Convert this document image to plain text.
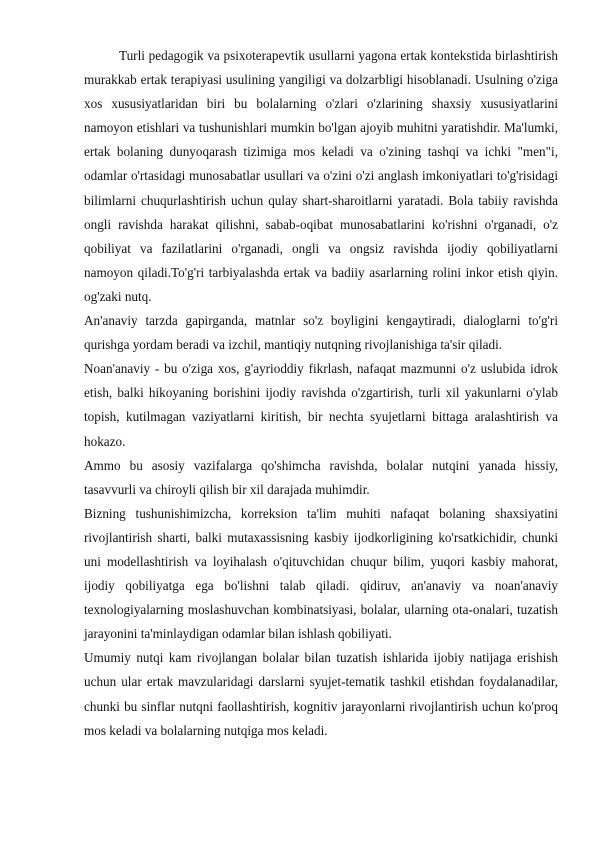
Turli pedagogik va psixoterapevtik usullarni yagona ertak kontekstida birlashtirish murakkab ertak terapiyasi usulining yangiligi va dolzarbligi hisoblanadi. Usulning o'ziga xos xususiyatlaridan biri bu bolalarning o'zlari o'zlarining shaxsiy xususiyatlarini namoyon etishlari va tushunishlari mumkin bo'lgan ajoyib muhitni yaratishdir. Ma'lumki, ertak bolaning dunyoqarash tizimiga mos keladi va o'zining tashqi va ichki "men"i, odamlar o'rtasidagi munosabatlar usullari va o'zini o'zi anglash imkoniyatlari to'g'risidagi bilimlarni chuqurlashtirish uchun qulay shart-sharoitlarni yaratadi. Bola tabiiy ravishda ongli ravishda harakat qilishni, sabab-oqibat munosabatlarini ko'rishni o'rganadi, o'z qobiliyat va fazilatlarini o'rganadi, ongli va ongsiz ravishda ijodiy qobiliyatlarni namoyon qiladi.To'g'ri tarbiyalashda ertak va badiiy asarlarning rolini inkor etish qiyin. og'zaki nutq.

An'anaviy tarzda gapirganda, matnlar so'z boyligini kengaytiradi, dialoglarni to'g'ri qurishga yordam beradi va izchil, mantiqiy nutqning rivojlanishiga ta'sir qiladi.

Noan'anaviy - bu o'ziga xos, g'ayrioddiy fikrlash, nafaqat mazmunni o'z uslubida idrok etish, balki hikoyaning borishini ijodiy ravishda o'zgartirish, turli xil yakunlarni o'ylab topish, kutilmagan vaziyatlarni kiritish, bir nechta syujetlarni bittaga aralashtirish va hokazo.

Ammo bu asosiy vazifalarga qo'shimcha ravishda, bolalar nutqini yanada hissiy, tasavvurli va chiroyli qilish bir xil darajada muhimdir.

Bizning tushunishimizcha, korreksion ta'lim muhiti nafaqat bolaning shaxsiyatini rivojlantirish sharti, balki mutaxassisning kasbiy ijodkorligining ko'rsatkichidir, chunki uni modellashtirish va loyihalash o'qituvchidan chuqur bilim, yuqori kasbiy mahorat, ijodiy qobiliyatga ega bo'lishni talab qiladi. qidiruv, an'anaviy va noan'anaviy texnologiyalarning moslashuvchan kombinatsiyasi, bolalar, ularning ota-onalari, tuzatish jarayonini ta'minlaydigan odamlar bilan ishlash qobiliyati.

Umumiy nutqi kam rivojlangan bolalar bilan tuzatish ishlarida ijobiy natijaga erishish uchun ular ertak mavzularidagi darslarni syujet-tematik tashkil etishdan foydalanadilar, chunki bu sinflar nutqni faollashtirish, kognitiv jarayonlarni rivojlantirish uchun ko'proq mos keladi va bolalarning nutqiga mos keladi.
